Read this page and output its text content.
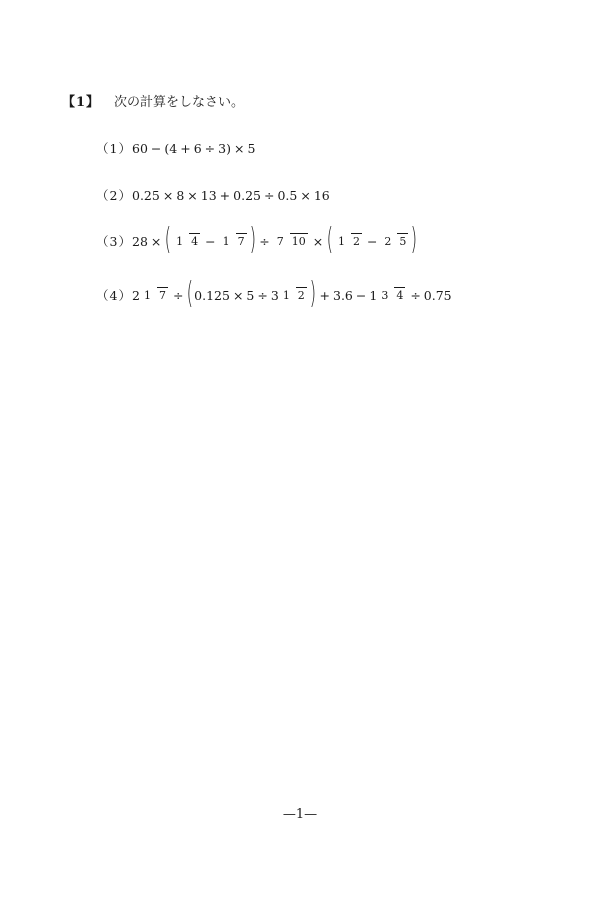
【1】 次の計算をしなさい。
（1） 60 − ( 4 + 6 ÷ 3 ) × 5
（2） 0.25 × 8 × 13 + 0.25 ÷ 0.5 × 16
（3） 28 × ( 1 4 − 1 7 ) ÷ 7 10 × ( 1 2 − 2 5 )
（4） 2 1 7 ÷ ( 0.125 × 5 ÷ 3 1 2 ) + 3.6 − 1 3 4 ÷ 0.75
—1—
